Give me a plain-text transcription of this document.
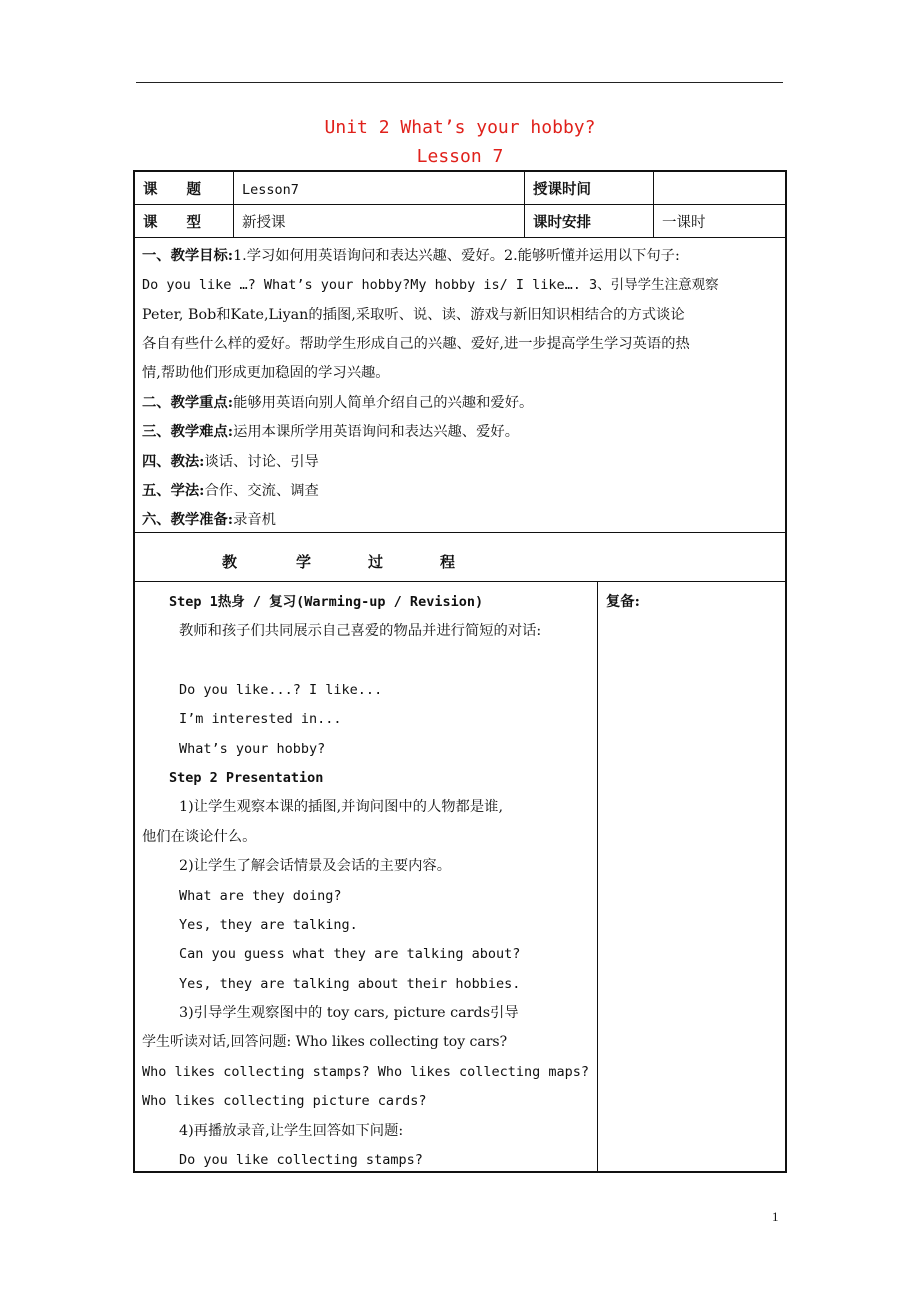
Unit 2 What’s your hobby?
Lesson 7
课　　题	Lesson7	授课时间
课　　型	新授课	课时安排	一课时
一、教学目标:1.学习如何用英语询问和表达兴趣、爱好。2.能够听懂并运用以下句子:
Do you like …? What’s your hobby?My hobby is/ I like…. 3、引导学生注意观察
Peter, Bob和Kate,Liyan的插图,采取听、说、读、游戏与新旧知识相结合的方式谈论
各自有些什么样的爱好。帮助学生形成自己的兴趣、爱好,进一步提高学生学习英语的热
情,帮助他们形成更加稳固的学习兴趣。
二、教学重点:能够用英语向别人简单介绍自己的兴趣和爱好。
三、教学难点:运用本课所学用英语询问和表达兴趣、爱好。
四、教法:谈话、讨论、引导
五、学法:合作、交流、调查
六、教学准备:录音机
教	学	过	程
复备:
Step 1热身 / 复习(Warming-up / Revision)
教师和孩子们共同展示自己喜爱的物品并进行简短的对话:
Do you like...? I like...
I’m interested in...
What’s your hobby?
Step 2 Presentation
1)让学生观察本课的插图,并询问图中的人物都是谁,
他们在谈论什么。
2)让学生了解会话情景及会话的主要内容。
What are they doing?
Yes, they are talking.
Can you guess what they are talking about?
Yes, they are talking about their hobbies.
3)引导学生观察图中的 toy cars, picture cards引导
学生听读对话,回答问题: Who likes collecting toy cars?
Who likes collecting stamps? Who likes collecting maps?
Who likes collecting picture cards?
4)再播放录音,让学生回答如下问题:
Do you like collecting stamps?
1
